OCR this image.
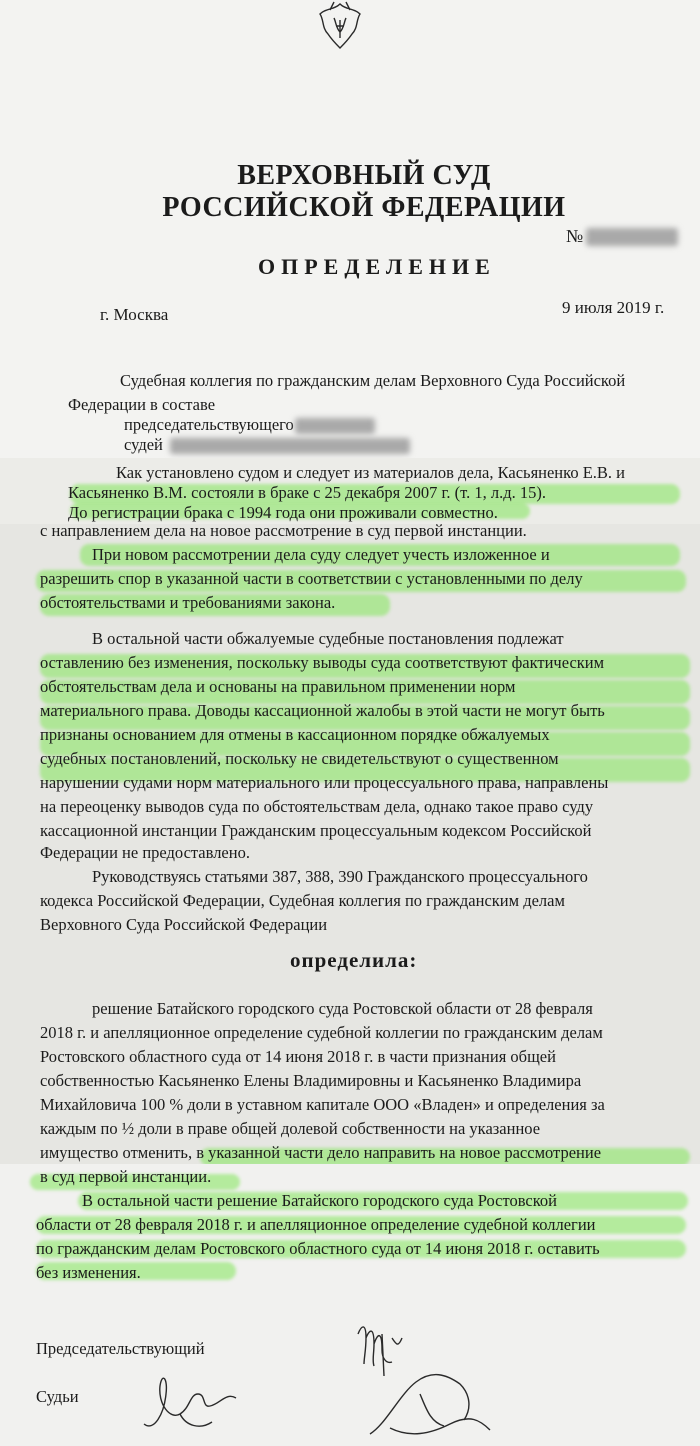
ВЕРХОВНЫЙ СУД
РОССИЙСКОЙ ФЕДЕРАЦИИ
№
ОПРЕДЕЛЕНИЕ
г. Москва	9 июля 2019 г.
Судебная коллегия по гражданским делам Верховного Суда Российской
Федерации в составе
председательствующего
судей
Как установлено судом и следует из материалов дела, Касьяненко Е.В. и
Касьяненко В.М. состояли в браке с 25 декабря 2007 г. (т. 1, л.д. 15).
До регистрации брака с 1994 года они проживали совместно.
с направлением дела на новое рассмотрение в суд первой инстанции.
При новом рассмотрении дела суду следует учесть изложенное и
разрешить спор в указанной части в соответствии с установленными по делу
обстоятельствами и требованиями закона.
В остальной части обжалуемые судебные постановления подлежат
оставлению без изменения, поскольку выводы суда соответствуют фактическим
обстоятельствам дела и основаны на правильном применении норм
материального права. Доводы кассационной жалобы в этой части не могут быть
признаны основанием для отмены в кассационном порядке обжалуемых
судебных постановлений, поскольку не свидетельствуют о существенном
нарушении судами норм материального или процессуального права, направлены
на переоценку выводов суда по обстоятельствам дела, однако такое право суду
кассационной инстанции Гражданским процессуальным кодексом Российской
Федерации не предоставлено.
Руководствуясь статьями 387, 388, 390 Гражданского процессуального
кодекса Российской Федерации, Судебная коллегия по гражданским делам
Верховного Суда Российской Федерации
определила:
решение Батайского городского суда Ростовской области от 28 февраля
2018 г. и апелляционное определение судебной коллегии по гражданским делам
Ростовского областного суда от 14 июня 2018 г. в части признания общей
собственностью Касьяненко Елены Владимировны и Касьяненко Владимира
Михайловича 100 % доли в уставном капитале ООО «Владен» и определения за
каждым по ½ доли в праве общей долевой собственности на указанное
имущество отменить, в указанной части дело направить на новое рассмотрение
в суд первой инстанции.
В остальной части решение Батайского городского суда Ростовской
области от 28 февраля 2018 г. и апелляционное определение судебной коллегии
по гражданским делам Ростовского областного суда от 14 июня 2018 г. оставить
без изменения.
Председательствующий
Судьи
